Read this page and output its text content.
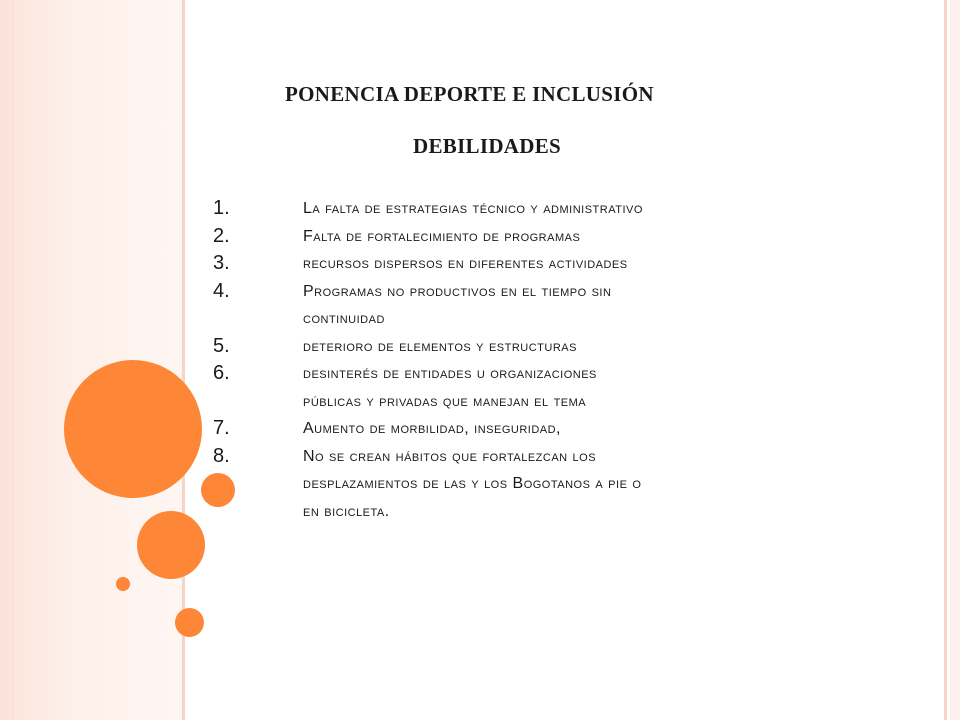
PONENCIA DEPORTE E INCLUSIÓN
DEBILIDADES
1.	La falta de estrategias técnico y administrativo
2.	Falta de fortalecimiento de programas
3.	recursos dispersos en diferentes actividades
4.	Programas no productivos en el tiempo sin
continuidad
5.	deterioro de elementos y estructuras
6.	desinterés de entidades u organizaciones
públicas y privadas que manejan el tema
7.	Aumento de morbilidad, inseguridad,
8.	No se crean hábitos que fortalezcan los
desplazamientos de las y los Bogotanos a pie o
en bicicleta.
